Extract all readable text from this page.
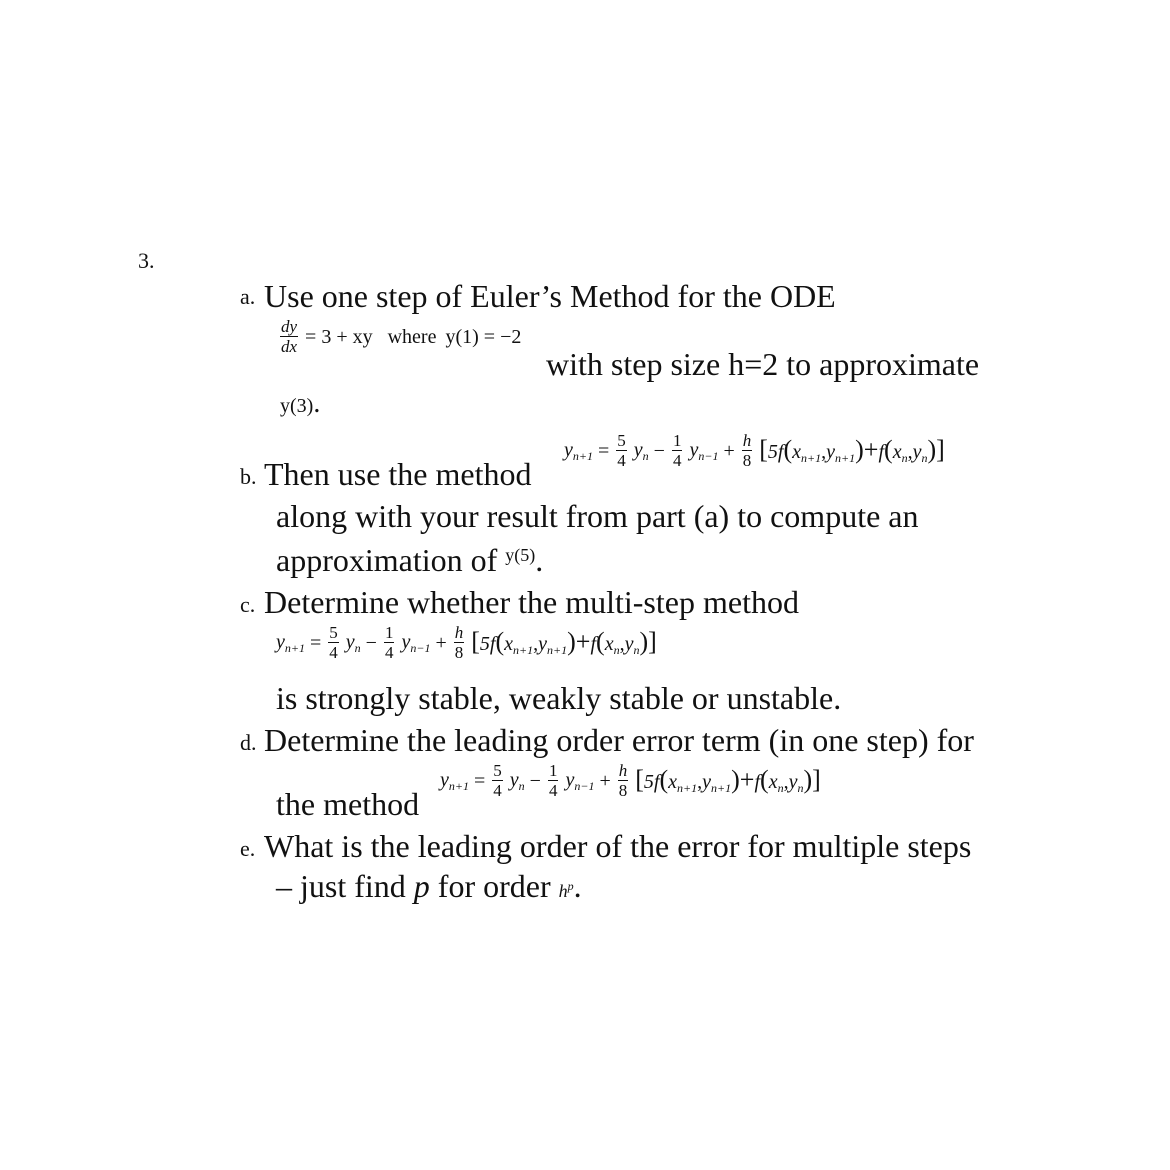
3.
a. Use one step of Euler’s Method for the ODE
$\frac{dy}{dx} = 3$ + xy where y(1) = −2
with step size h=2 to approximate
y(3).
b. Then use the method
$y_{n+1} = \frac{5}{4} y_n - \frac{1}{4} y_{n-1} + \frac{h}{8} [5f(x_{n+1},y_{n+1})+f(x_n,y_n)]$
along with your result from part (a) to compute an
approximation of $^{y(5)}$.
c. Determine whether the multi-step method
$y_{n+1} = \frac{5}{4} y_n - \frac{1}{4} y_{n-1} + \frac{h}{8} [5f(x_{n+1},y_{n+1})+f(x_n,y_n)]$
is strongly stable, weakly stable or unstable.
d. Determine the leading order error term (in one step) for
the method
$y_{n+1} = \frac{5}{4} y_n - \frac{1}{4} y_{n-1} + \frac{h}{8} [5f(x_{n+1},y_{n+1})+f(x_n,y_n)]$
e. What is the leading order of the error for multiple steps
– just find p for order $h^p$.
